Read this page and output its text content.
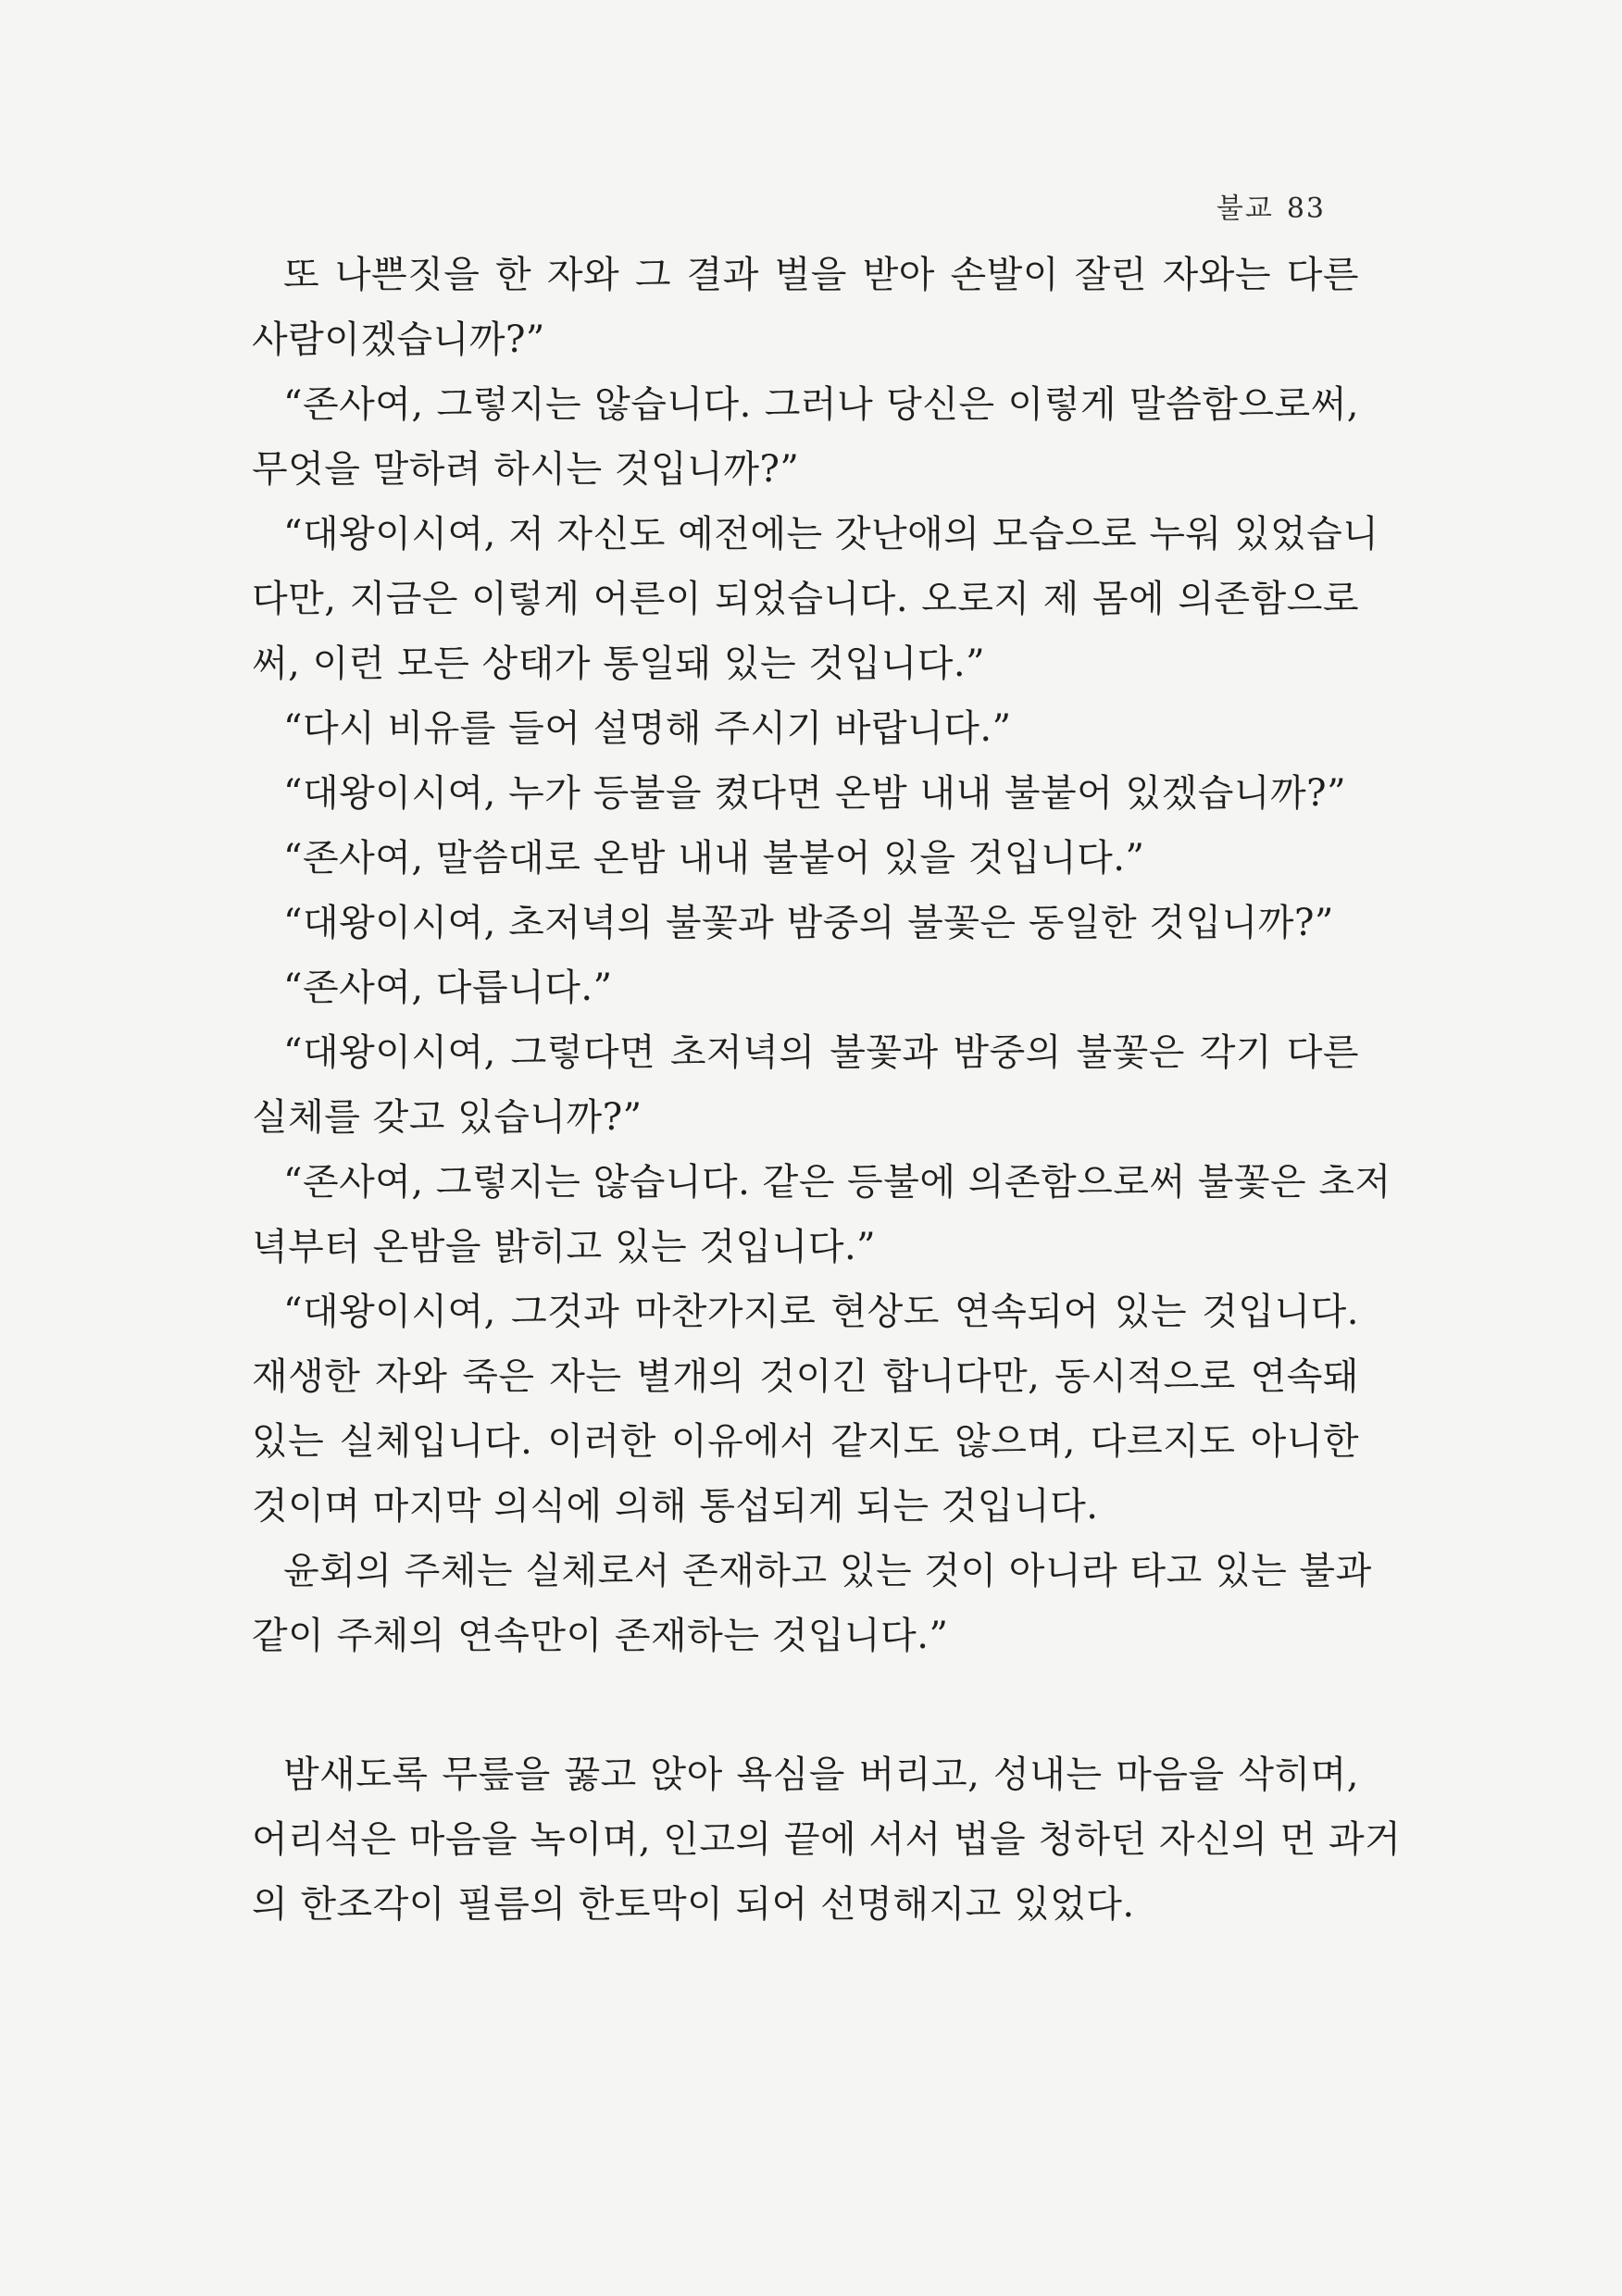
불교 83
또 나쁜짓을 한 자와 그 결과 벌을 받아 손발이 잘린 자와는 다른
사람이겠습니까?”
“존사여, 그렇지는 않습니다. 그러나 당신은 이렇게 말씀함으로써,
무엇을 말하려 하시는 것입니까?”
“대왕이시여, 저 자신도 예전에는 갓난애의 모습으로 누워 있었습니
다만, 지금은 이렇게 어른이 되었습니다. 오로지 제 몸에 의존함으로
써, 이런 모든 상태가 통일돼 있는 것입니다.”
“다시 비유를 들어 설명해 주시기 바랍니다.”
“대왕이시여, 누가 등불을 켰다면 온밤 내내 불붙어 있겠습니까?”
“존사여, 말씀대로 온밤 내내 불붙어 있을 것입니다.”
“대왕이시여, 초저녁의 불꽃과 밤중의 불꽃은 동일한 것입니까?”
“존사여, 다릅니다.”
“대왕이시여, 그렇다면 초저녁의 불꽃과 밤중의 불꽃은 각기 다른
실체를 갖고 있습니까?”
“존사여, 그렇지는 않습니다. 같은 등불에 의존함으로써 불꽃은 초저
녁부터 온밤을 밝히고 있는 것입니다.”
“대왕이시여, 그것과 마찬가지로 현상도 연속되어 있는 것입니다.
재생한 자와 죽은 자는 별개의 것이긴 합니다만, 동시적으로 연속돼
있는 실체입니다. 이러한 이유에서 같지도 않으며, 다르지도 아니한
것이며 마지막 의식에 의해 통섭되게 되는 것입니다.
윤회의 주체는 실체로서 존재하고 있는 것이 아니라 타고 있는 불과
같이 주체의 연속만이 존재하는 것입니다.”
밤새도록 무릎을 꿇고 앉아 욕심을 버리고, 성내는 마음을 삭히며,
어리석은 마음을 녹이며, 인고의 끝에 서서 법을 청하던 자신의 먼 과거
의 한조각이 필름의 한토막이 되어 선명해지고 있었다.
